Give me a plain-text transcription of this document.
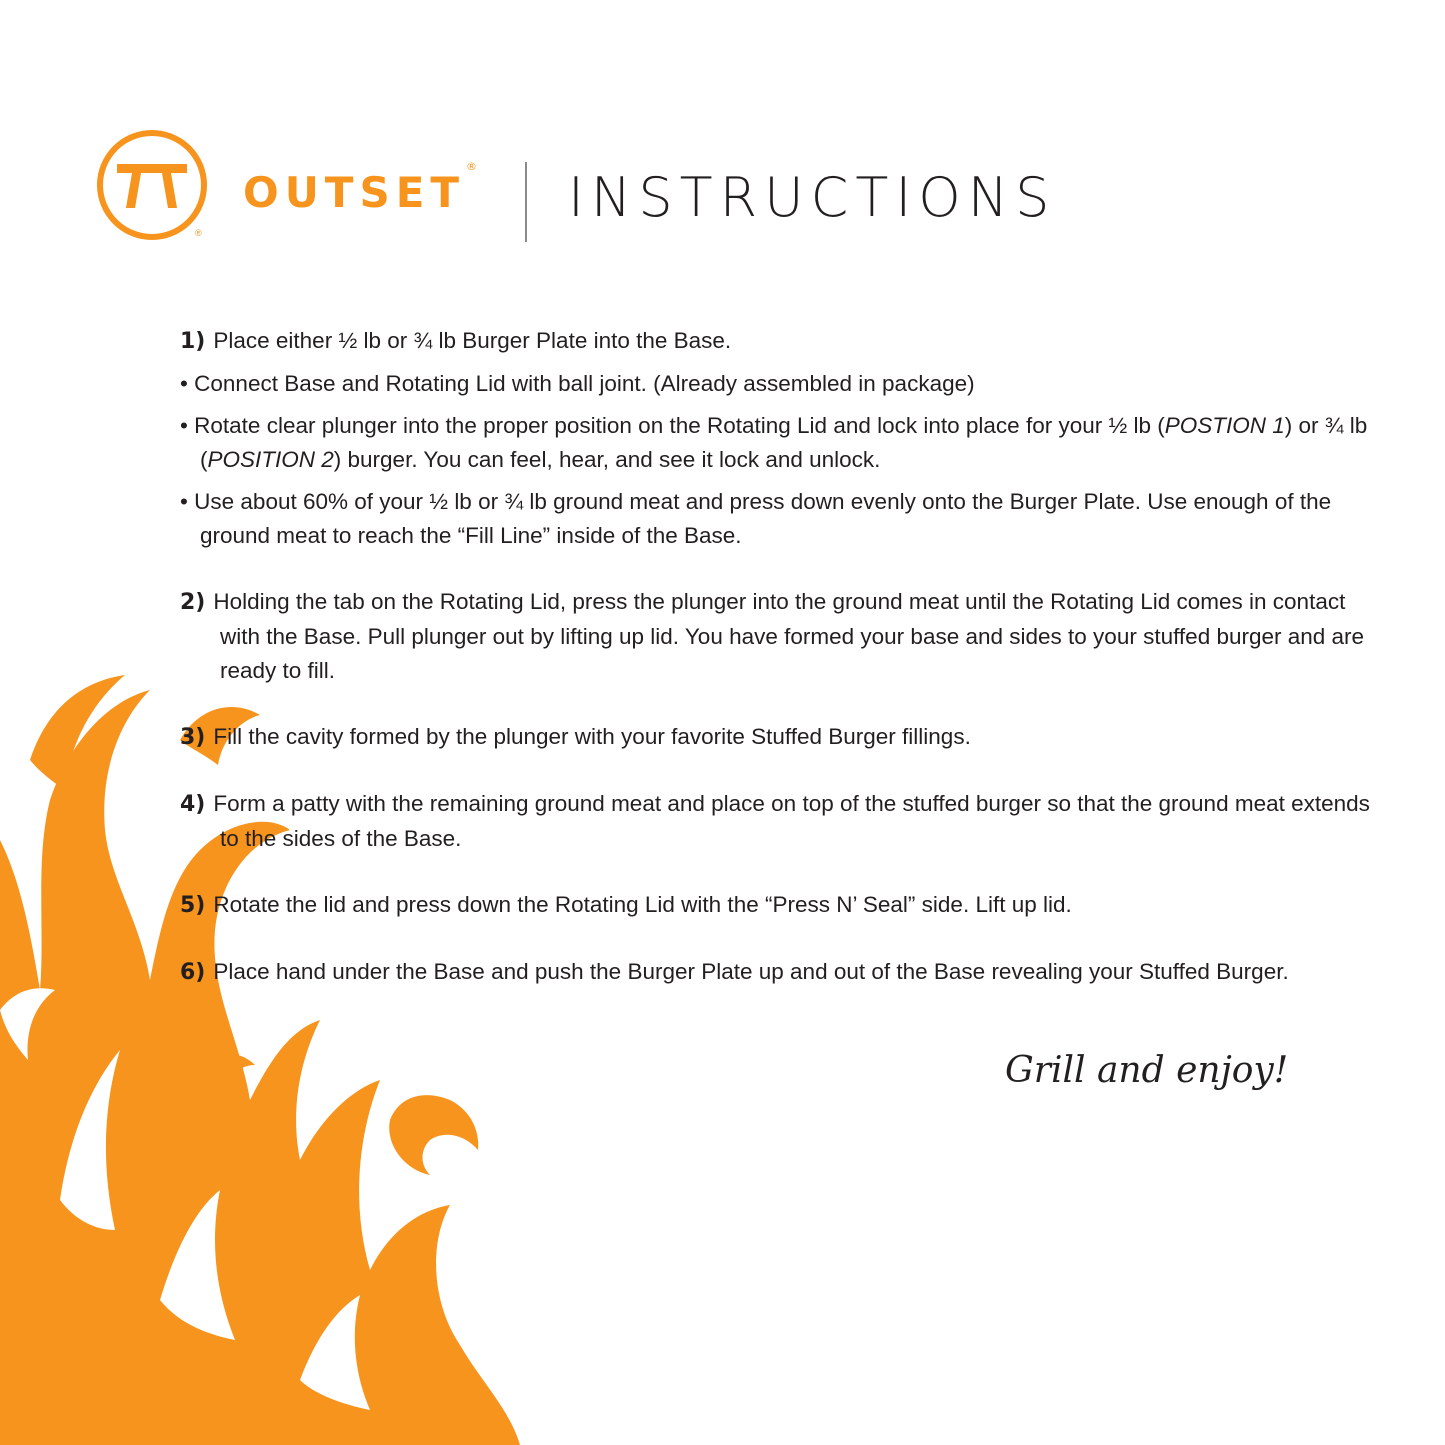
®
OUTSET® INSTRUCTIONS

1) Place either ½ lb or ¾ lb Burger Plate into the Base.

• Connect Base and Rotating Lid with ball joint. (Already assembled in package)

• Rotate clear plunger into the proper position on the Rotating Lid and lock into place for your ½ lb (POSTION 1) or ¾ lb (POSITION 2) burger. You can feel, hear, and see it lock and unlock.

• Use about 60% of your ½ lb or ¾ lb ground meat and press down evenly onto the Burger Plate. Use enough of the ground meat to reach the “Fill Line” inside of the Base.

2) Holding the tab on the Rotating Lid, press the plunger into the ground meat until the Rotating Lid comes in contact with the Base. Pull plunger out by lifting up lid. You have formed your base and sides to your stuffed burger and are ready to fill.

3) Fill the cavity formed by the plunger with your favorite Stuffed Burger fillings.

4) Form a patty with the remaining ground meat and place on top of the stuffed burger so that the ground meat extends to the sides of the Base.

5) Rotate the lid and press down the Rotating Lid with the “Press N’ Seal” side. Lift up lid.

6) Place hand under the Base and push the Burger Plate up and out of the Base revealing your Stuffed Burger.

Grill and enjoy!
